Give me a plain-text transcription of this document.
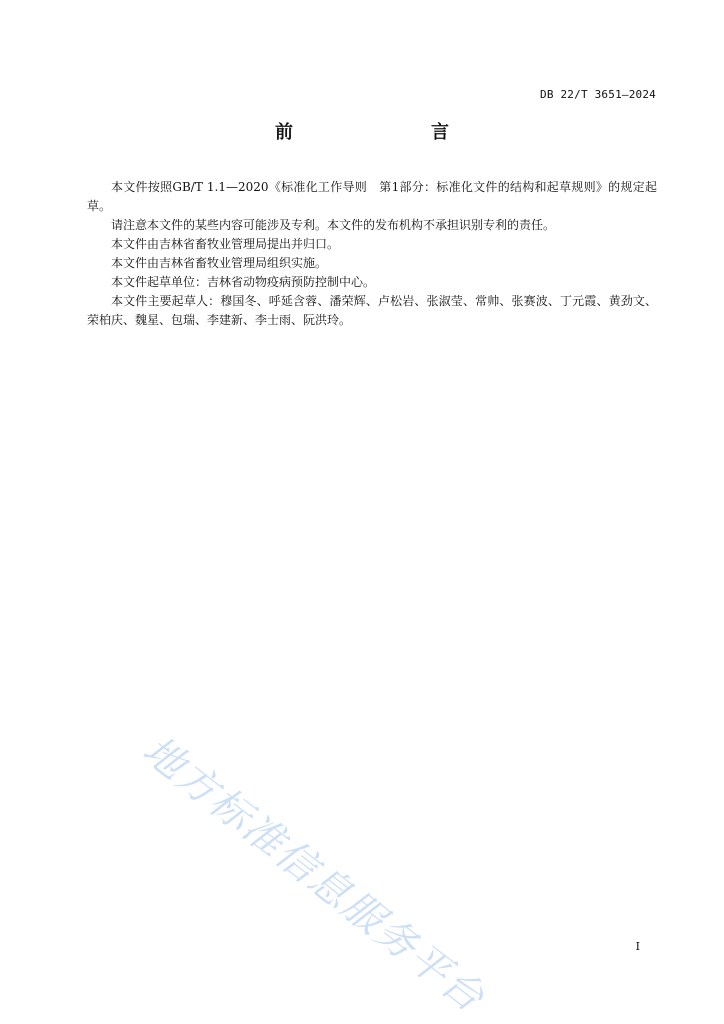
DB 22/T 3651—2024
前　　言

本文件按照GB/T 1.1—2020《标准化工作导则　第1部分：标准化文件的结构和起草规则》的规定起草。

请注意本文件的某些内容可能涉及专利。本文件的发布机构不承担识别专利的责任。

本文件由吉林省畜牧业管理局提出并归口。

本文件由吉林省畜牧业管理局组织实施。

本文件起草单位：吉林省动物疫病预防控制中心。

本文件主要起草人：穆国冬、呼延含蓉、潘荣辉、卢松岩、张淑莹、常帅、张赛波、丁元霞、黄劲文、荣柏庆、魏星、包瑞、李建新、李士雨、阮洪玲。

地方标准信息服务平台	I
